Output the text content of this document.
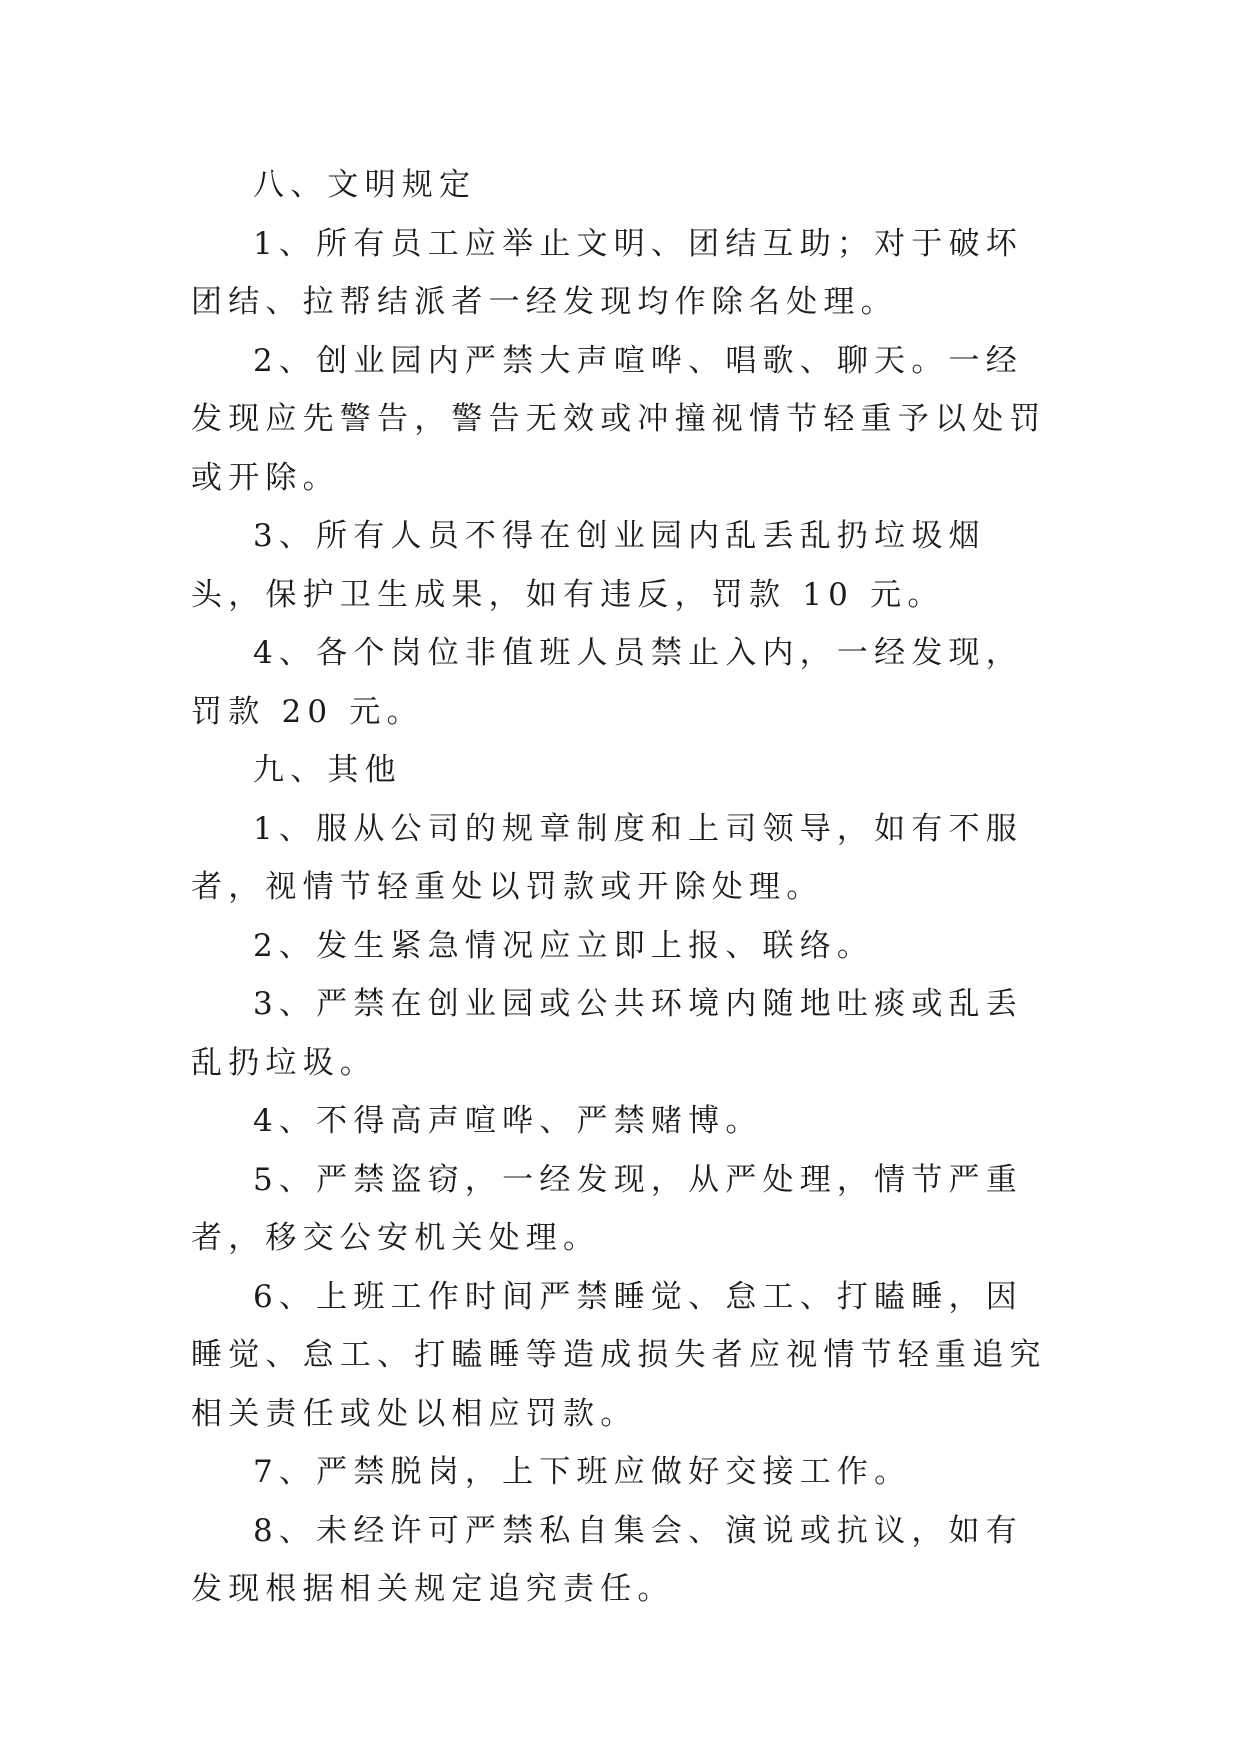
八、文明规定

1、所有员工应举止文明、团结互助；对于破坏团结、拉帮结派者一经发现均作除名处理。

2、创业园内严禁大声喧哗、唱歌、聊天。一经发现应先警告，警告无效或冲撞视情节轻重予以处罚或开除。

3、所有人员不得在创业园内乱丢乱扔垃圾烟头，保护卫生成果，如有违反，罚款 10 元。

4、各个岗位非值班人员禁止入内，一经发现，罚款 20 元。

九、其他

1、服从公司的规章制度和上司领导，如有不服者，视情节轻重处以罚款或开除处理。

2、发生紧急情况应立即上报、联络。

3、严禁在创业园或公共环境内随地吐痰或乱丢乱扔垃圾。

4、不得高声喧哗、严禁赌博。

5、严禁盗窃，一经发现，从严处理，情节严重者，移交公安机关处理。

6、上班工作时间严禁睡觉、怠工、打瞌睡，因睡觉、怠工、打瞌睡等造成损失者应视情节轻重追究相关责任或处以相应罚款。

7、严禁脱岗，上下班应做好交接工作。

8、未经许可严禁私自集会、演说或抗议，如有发现根据相关规定追究责任。
